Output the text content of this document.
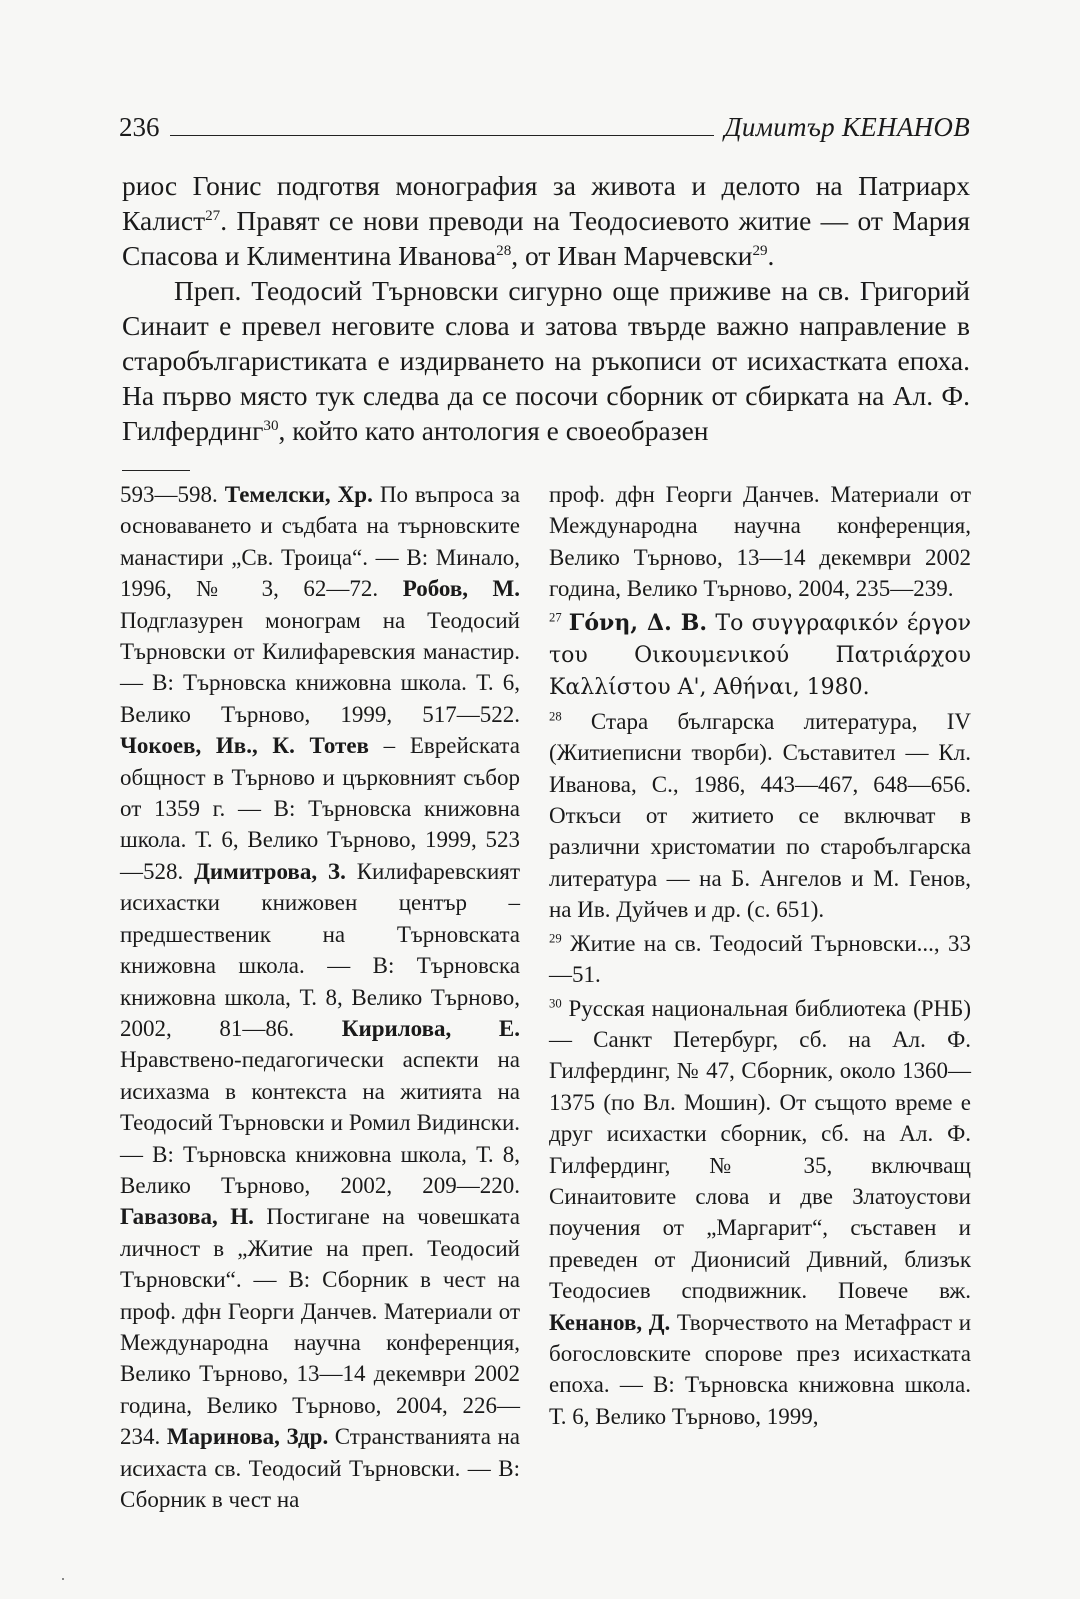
236	Димитър КЕНАНОВ

риос Гонис подготвя монография за живота и делото на Патриарх Калист$^{27}$. Правят се нови преводи на Теодосиевото житие — от Мария Спасова и Климентина Иванова$^{28}$, от Иван Марчевски$^{29}$.

Преп. Теодосий Търновски сигурно още приживе на св. Григорий Синаит е превел неговите слова и затова твърде важно направление в старобългаристиката е издирването на ръкописи от исихастката епоха. На първо място тук следва да се посочи сборник от сбирката на Ал. Ф. Гилфердинг$^{30}$, който като антология е своеобразен

593—598. Темелски, Хр. По въпроса за основаването и съдбата на търновските манастири „Св. Троица“. — В: Минало, 1996, № 3, 62—72. Робов, М. Подглазурен монограм на Теодосий Търновски от Килифаревския манастир. — В: Търновска книжовна школа. Т. 6, Велико Търново, 1999, 517—522. Чокоев, Ив., К. Тотев – Еврейската общност в Търново и църковният събор от 1359 г. — В: Търновска книжовна школа. Т. 6, Велико Търново, 1999, 523—528. Димитрова, З. Килифаревският исихастки книжовен център – предшественик на Търновската книжовна школа. — В: Търновска книжовна школа, Т. 8, Велико Търново, 2002, 81—86. Кирилова, Е. Нравствено-педагогически аспекти на исихазма в контекста на житията на Теодосий Търновски и Ромил Видински. — В: Търновска книжовна школа, Т. 8, Велико Търново, 2002, 209—220. Гавазова, Н. Постигане на човешката личност в „Житие на преп. Теодосий Търновски“. — В: Сборник в чест на проф. дфн Георги Данчев. Материали от Международна научна конференция, Велико Търново, 13—14 декември 2002 година, Велико Търново, 2004, 226—234. Маринова, Здр. Странстванията на исихаста св. Теодосий Търновски. — В: Сборник в чест на

проф. дфн Георги Данчев. Материали от Международна научна конференция, Велико Търново, 13—14 декември 2002 година, Велико Търново, 2004, 235—239.

$^{27}$ Γόνη, Δ. Β. Το συγγραφικόν έργον του Οικουμενικού Πατριάρχου Καλλίστου Α', Αθήναι, 1980.

$^{28}$ Стара българска литература, IV (Житиеписни творби). Съставител — Кл. Иванова, С., 1986, 443—467, 648—656. Откъси от житието се включват в различни христоматии по старобългарска литература — на Б. Ангелов и М. Генов, на Ив. Дуйчев и др. (с. 651).

$^{29}$ Житие на св. Теодосий Търновски..., 33—51.

$^{30}$ Русская национальная библиотека (РНБ) — Санкт Петербург, сб. на Ал. Ф. Гилфердинг, № 47, Сборник, около 1360—1375 (по Вл. Мошин). От същото време е друг исихастки сборник, сб. на Ал. Ф. Гилфердинг, № 35, включващ Синаитовите слова и две Златоустови поучения от „Маргарит“, съставен и преведен от Дионисий Дивний, близък Теодосиев сподвижник. Повече вж. Кенанов, Д. Творчеството на Метафраст и богословските спорове през исихастката епоха. — В: Търновска книжовна школа. Т. 6, Велико Търново, 1999,
